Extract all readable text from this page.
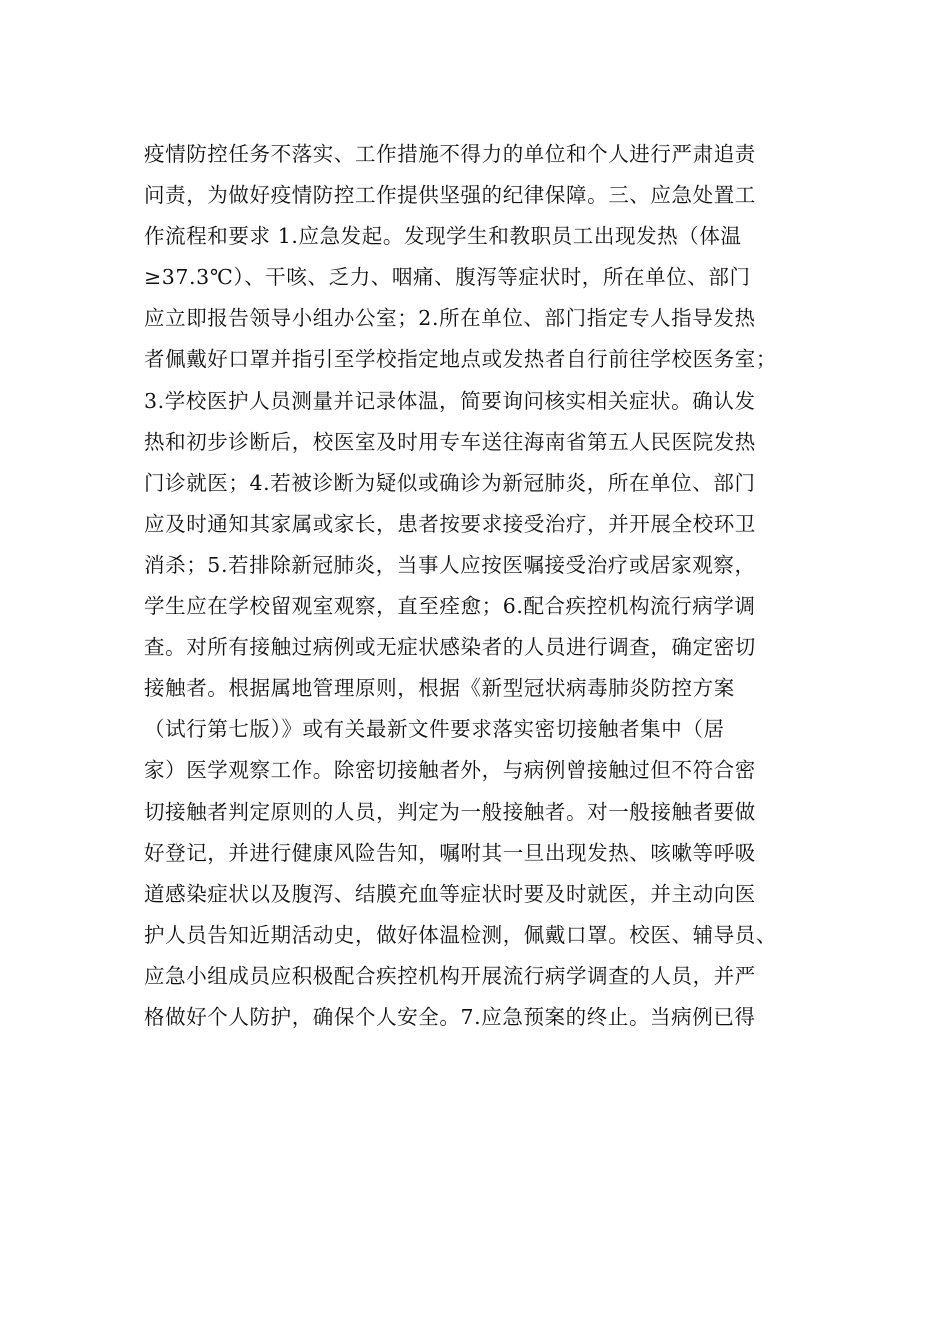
疫情防控任务不落实、工作措施不得力的单位和个人进行严肃追责
问责，为做好疫情防控工作提供坚强的纪律保障。三、应急处置工
作流程和要求 1.应急发起。发现学生和教职员工出现发热（体温
≥37.3℃）、干咳、乏力、咽痛、腹泻等症状时，所在单位、部门
应立即报告领导小组办公室；2.所在单位、部门指定专人指导发热
者佩戴好口罩并指引至学校指定地点或发热者自行前往学校医务室；
3.学校医护人员测量并记录体温，简要询问核实相关症状。确认发
热和初步诊断后，校医室及时用专车送往海南省第五人民医院发热
门诊就医；4.若被诊断为疑似或确诊为新冠肺炎，所在单位、部门
应及时通知其家属或家长，患者按要求接受治疗，并开展全校环卫
消杀；5.若排除新冠肺炎，当事人应按医嘱接受治疗或居家观察，
学生应在学校留观室观察，直至痊愈；6.配合疾控机构流行病学调
查。对所有接触过病例或无症状感染者的人员进行调查，确定密切
接触者。根据属地管理原则，根据《新型冠状病毒肺炎防控方案
（试行第七版）》或有关最新文件要求落实密切接触者集中（居
家）医学观察工作。除密切接触者外，与病例曾接触过但不符合密
切接触者判定原则的人员，判定为一般接触者。对一般接触者要做
好登记，并进行健康风险告知，嘱咐其一旦出现发热、咳嗽等呼吸
道感染症状以及腹泻、结膜充血等症状时要及时就医，并主动向医
护人员告知近期活动史，做好体温检测，佩戴口罩。校医、辅导员、
应急小组成员应积极配合疾控机构开展流行病学调查的人员，并严
格做好个人防护，确保个人安全。7.应急预案的终止。当病例已得
